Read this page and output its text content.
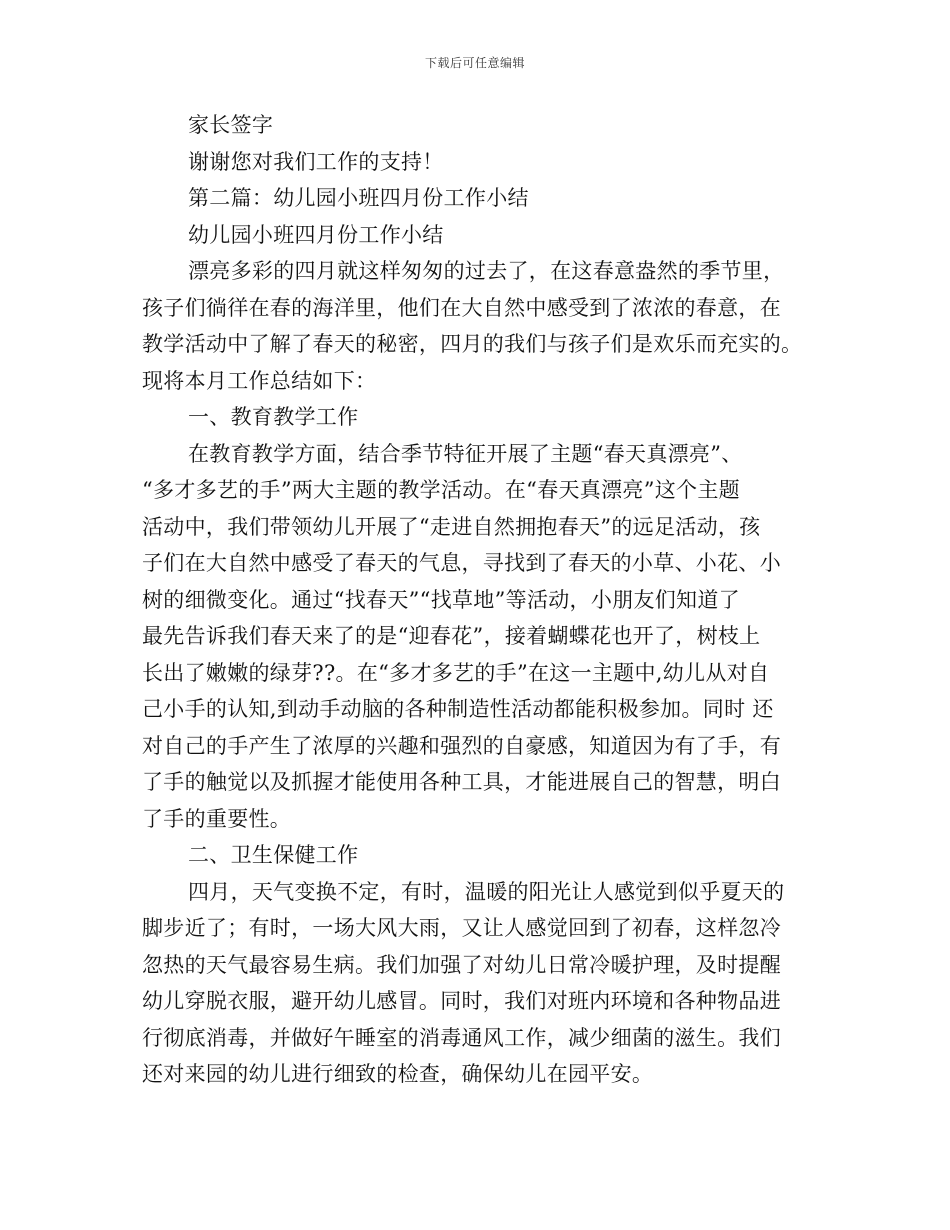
下载后可任意编辑
家长签字
谢谢您对我们工作的支持！
第二篇：幼儿园小班四月份工作小结
幼儿园小班四月份工作小结
漂亮多彩的四月就这样匆匆的过去了，在这春意盎然的季节里，
孩子们徜徉在春的海洋里，他们在大自然中感受到了浓浓的春意，在
教学活动中了解了春天的秘密，四月的我们与孩子们是欢乐而充实的。
现将本月工作总结如下：
一、教育教学工作
在教育教学方面，结合季节特征开展了主题“春天真漂亮”、
“多才多艺的手”两大主题的教学活动。在“春天真漂亮”这个主题
活动中，我们带领幼儿开展了“走进自然拥抱春天”的远足活动，孩
子们在大自然中感受了春天的气息，寻找到了春天的小草、小花、小
树的细微变化。通过“找春天”“找草地”等活动，小朋友们知道了
最先告诉我们春天来了的是“迎春花”，接着蝴蝶花也开了，树枝上
长出了嫩嫩的绿芽??。在“多才多艺的手”在这一主题中,幼儿从对自
己小手的认知,到动手动脑的各种制造性活动都能积极参加。同时 还
对自己的手产生了浓厚的兴趣和强烈的自豪感，知道因为有了手，有
了手的触觉以及抓握才能使用各种工具，才能进展自己的智慧，明白
了手的重要性。
二、卫生保健工作
四月，天气变换不定，有时，温暖的阳光让人感觉到似乎夏天的
脚步近了；有时，一场大风大雨，又让人感觉回到了初春，这样忽冷
忽热的天气最容易生病。我们加强了对幼儿日常冷暖护理，及时提醒
幼儿穿脱衣服，避开幼儿感冒。同时，我们对班内环境和各种物品进
行彻底消毒，并做好午睡室的消毒通风工作，减少细菌的滋生。我们
还对来园的幼儿进行细致的检查，确保幼儿在园平安。
